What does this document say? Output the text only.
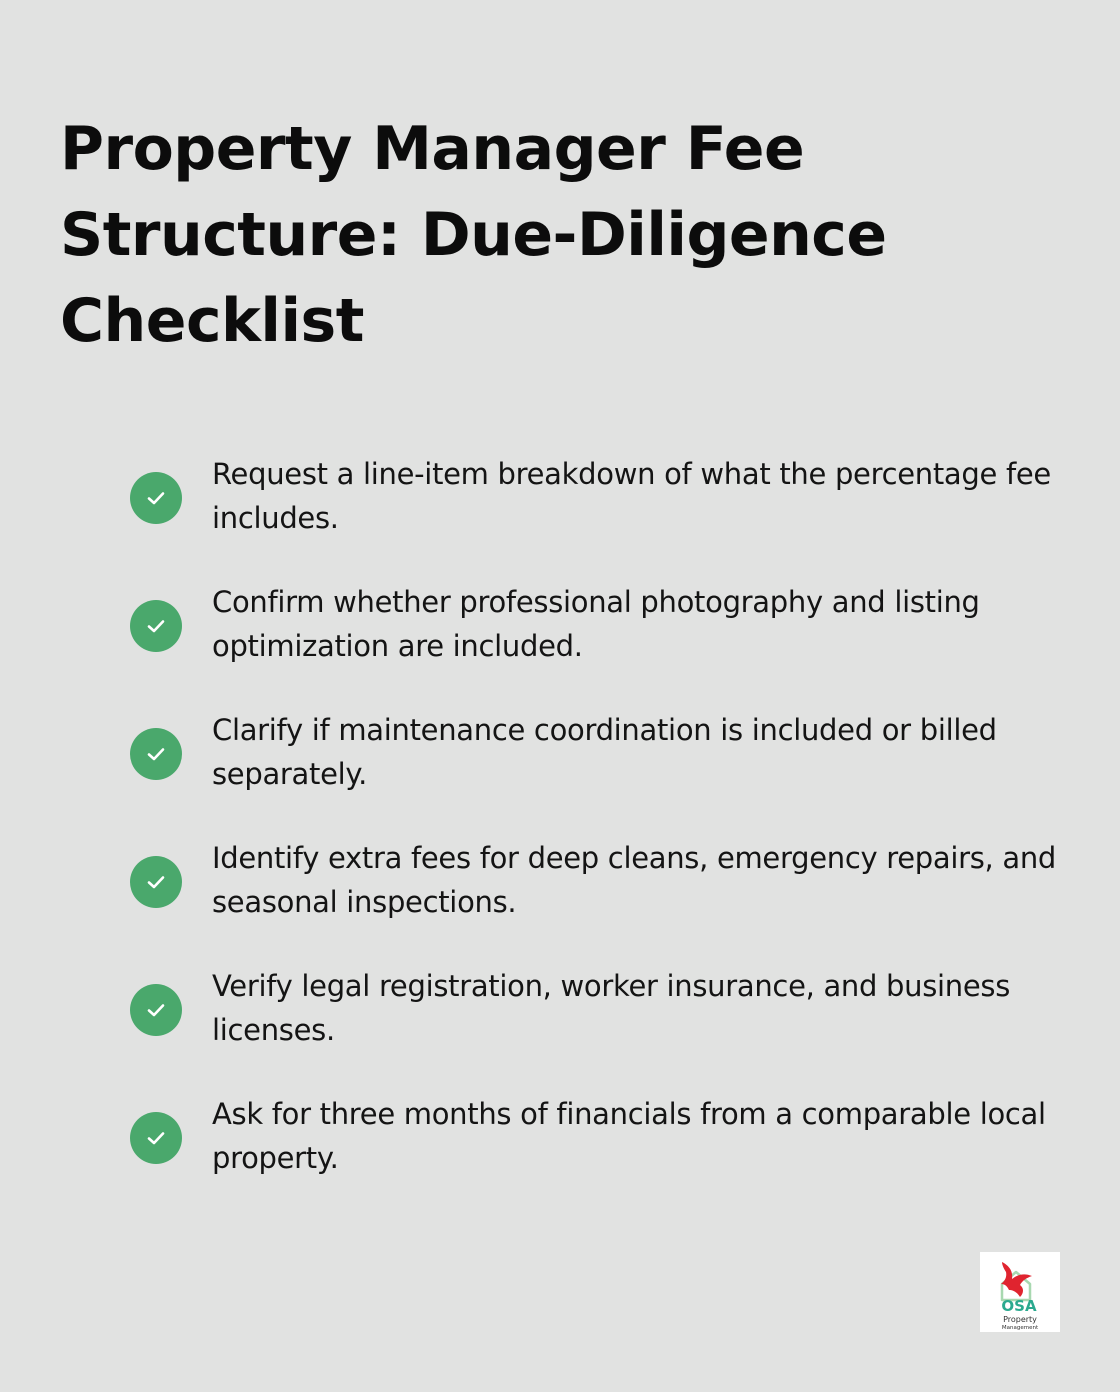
Property Manager Fee Structure: Due-Diligence Checklist
Request a line-item breakdown of what the percentage fee includes.
Confirm whether professional photography and listing optimization are included.
Clarify if maintenance coordination is included or billed separately.
Identify extra fees for deep cleans, emergency repairs, and seasonal inspections.
Verify legal registration, worker insurance, and business licenses.
Ask for three months of financials from a comparable local property.
OSA
Property
Management
